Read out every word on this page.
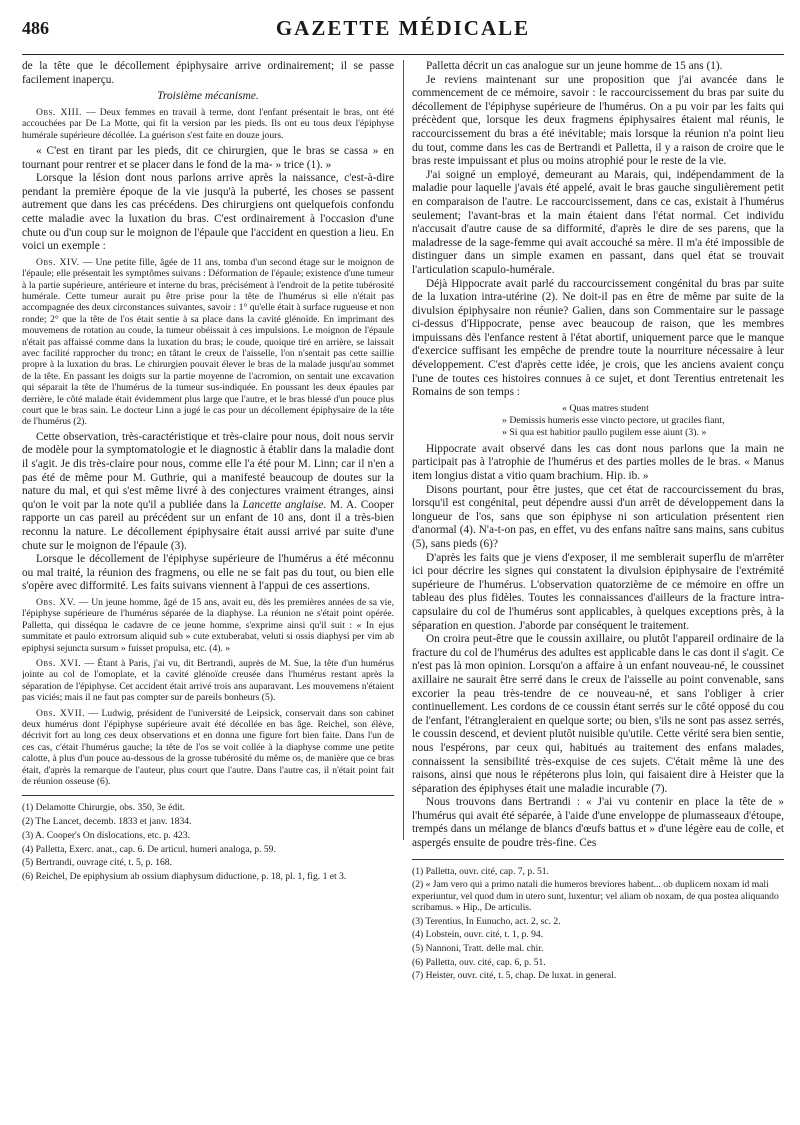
486	GAZETTE MÉDICALE

de la tête que le décollement épiphysaire arrive ordinairement; il se passe facilement inaperçu.

Troisième mécanisme.

Obs. XIII. — Deux femmes en travail à terme, dont l'enfant présentait le bras, ont été accouchées par De La Motte, qui fit la version par les pieds. Ils ont eu tous deux l'épiphyse humérale supérieure décollée. La guérison s'est faite en douze jours.

« C'est en tirant par les pieds, dit ce chirurgien, que le bras se cassa » en tournant pour rentrer et se placer dans le fond de la ma- » trice (1). »

Lorsque la lésion dont nous parlons arrive après la naissance, c'est-à-dire pendant la première époque de la vie jusqu'à la puberté, les choses se passent autrement que dans les cas précédens. Des chirurgiens ont quelquefois confondu cette maladie avec la luxation du bras. C'est ordinairement à l'occasion d'une chute ou d'un coup sur le moignon de l'épaule que l'accident en question a lieu. En voici un exemple :

Obs. XIV. — Une petite fille, âgée de 11 ans, tomba d'un second étage sur le moignon de l'épaule; elle présentait les symptômes suivans : Déformation de l'épaule; existence d'une tumeur à la partie supérieure, antérieure et interne du bras, précisément à l'endroit de la petite tubérosité humérale. Cette tumeur aurait pu être prise pour la tête de l'humérus si elle n'était pas accompagnée des deux circonstances suivantes, savoir : 1° qu'elle était à surface rugueuse et non ronde; 2° que la tête de l'os était sentie à sa place dans la cavité glénoïde. En imprimant des mouvemens de rotation au coude, la tumeur obéissait à ces impulsions. Le moignon de l'épaule n'était pas affaissé comme dans la luxation du bras; le coude, quoique tiré en arrière, se laissait avec facilité rapprocher du tronc; en tâtant le creux de l'aisselle, l'on n'sentait pas cette saillie propre à la luxation du bras. Le chirurgien pouvait élever le bras de la malade jusqu'au sommet de la tête. En passant les doigts sur la partie moyenne de l'acromion, on sentait une excavation qui séparait la tête de l'humérus de la tumeur sus-indiquée. En poussant les deux épaules par derrière, le côté malade était évidemment plus large que l'autre, et le bras blessé d'un pouce plus court que le bras sain. Le docteur Linn a jugé le cas pour un décollement épiphysaire de la tête de l'humérus (2).

Cette observation, très-caractéristique et très-claire pour nous, doit nous servir de modèle pour la symptomatologie et le diagnostic à établir dans la maladie dont il s'agit. Je dis très-claire pour nous, comme elle l'a été pour M. Linn; car il n'en a pas été de même pour M. Guthrie, qui a manifesté beaucoup de doutes sur la nature du mal, et qui s'est même livré à des conjectures vraiment étranges, ainsi qu'on le voit par la note qu'il a publiée dans la Lancette anglaise. M. A. Cooper rapporte un cas pareil au précédent sur un enfant de 10 ans, dont il a très-bien reconnu la nature. Le décollement épiphysaire était aussi arrivé par suite d'une chute sur le moignon de l'épaule (3).

Lorsque le décollement de l'épiphyse supérieure de l'humérus a été méconnu ou mal traité, la réunion des fragmens, ou elle ne se fait pas du tout, ou bien elle s'opère avec difformité. Les faits suivans viennent à l'appui de ces assertions.

Obs. XV. — Un jeune homme, âgé de 15 ans, avait eu, dès les premières années de sa vie, l'épiphyse supérieure de l'humérus séparée de la diaphyse. La réunion ne s'était point opérée. Palletta, qui disséqua le cadavre de ce jeune homme, s'exprime ainsi qu'il suit : « In ejus summitate et paulo extrorsum aliquid sub » cute extuberabat, veluti si ossis diaphysi per vim ab epiphysi sejuncta sursum » fuisset propulsa, etc. (4). »

Obs. XVI. — Étant à Paris, j'ai vu, dit Bertrandi, auprès de M. Sue, la tête d'un humérus jointe au col de l'omoplate, et la cavité glénoïde creusée dans l'humérus restant après la séparation de l'épiphyse. Cet accident était arrivé trois ans auparavant. Les mouvemens n'étaient pas viciés; mais il ne faut pas compter sur de pareils bonheurs (5).

Obs. XVII. — Ludwig, président de l'université de Leipsick, conservait dans son cabinet deux humérus dont l'épiphyse supérieure avait été décollée en bas âge. Reichel, son élève, décrivit fort au long ces deux observations et en donna une figure fort bien faite. Dans l'un de ces cas, c'était l'humérus gauche; la tête de l'os se voit collée à la diaphyse comme une petite calotte, à plus d'un pouce au-dessous de la grosse tubérosité du même os, de manière que ce bras était, d'après la remarque de l'auteur, plus court que l'autre. Dans l'autre cas, il n'était point fait de réunion osseuse (6).

(1) Delamotte Chirurgie, obs. 350, 3e édit.
(2) The Lancet, decemb. 1833 et janv. 1834.
(3) A. Cooper's On dislocations, etc. p. 423.
(4) Palletta, Exerc. anat., cap. 6. De articul. humeri analoga, p. 59.
(5) Bertrandi, ouvrage cité, t. 5, p. 168.
(6) Reichel, De epiphysium ab ossium diaphysum diductione, p. 18, pl. 1, fig. 1 et 3.

Palletta décrit un cas analogue sur un jeune homme de 15 ans (1).

Je reviens maintenant sur une proposition que j'ai avancée dans le commencement de ce mémoire, savoir : le raccourcissement du bras par suite du décollement de l'épiphyse supérieure de l'humérus. On a pu voir par les faits qui précèdent que, lorsque les deux fragmens épiphysaires étaient mal réunis, le raccourcissement du bras a été inévitable; mais lorsque la réunion n'a point lieu du tout, comme dans les cas de Bertrandi et Palletta, il y a raison de croire que le bras reste impuissant et plus ou moins atrophié pour le reste de la vie.

J'ai soigné un employé, demeurant au Marais, qui, indépendamment de la maladie pour laquelle j'avais été appelé, avait le bras gauche singulièrement petit en comparaison de l'autre. Le raccourcissement, dans ce cas, existait à l'humérus seulement; l'avant-bras et la main étaient dans l'état normal. Cet individu n'accusait d'autre cause de sa difformité, d'après le dire de ses parens, que la maladresse de la sage-femme qui avait accouché sa mère. Il m'a été impossible de distinguer dans un simple examen en passant, dans quel état se trouvait l'articulation scapulo-humérale.

Déjà Hippocrate avait parlé du raccourcissement congénital du bras par suite de la luxation intra-utérine (2). Ne doit-il pas en être de même par suite de la divulsion épiphysaire non réunie? Galien, dans son Commentaire sur le passage ci-dessus d'Hippocrate, pense avec beaucoup de raison, que les membres impuissans dès l'enfance restent à l'état abortif, uniquement parce que le manque d'exercice suffisant les empêche de prendre toute la nourriture nécessaire à leur développement. C'est d'après cette idée, je crois, que les anciens avaient conçu l'une de toutes ces histoires connues à ce sujet, et dont Terentius entretenait les Romains de son temps :

« Quas matres student
» Demissis humeris esse vincto pectore, ut graciles fiant,
» Si qua est habitior paullo pugilem esse aiunt (3). »

Hippocrate avait observé dans les cas dont nous parlons que la main ne participait pas à l'atrophie de l'humérus et des parties molles de le bras. « Manus item longius distat a vitio quam brachium. Hip. ib. »

Disons pourtant, pour être justes, que cet état de raccourcissement du bras, lorsqu'il est congénital, peut dépendre aussi d'un arrêt de développement dans la longueur de l'os, sans que son épiphyse ni son articulation présentent rien d'anormal (4). N'a-t-on pas, en effet, vu des enfans naître sans mains, sans cubitus (5), sans pieds (6)?

D'après les faits que je viens d'exposer, il me semblerait superflu de m'arrêter ici pour décrire les signes qui constatent la divulsion épiphysaire de l'extrémité supérieure de l'humérus. L'observation quatorzième de ce mémoire en offre un tableau des plus fidèles. Toutes les connaissances d'ailleurs de la fracture intra-capsulaire du col de l'humérus sont applicables, à quelques exceptions près, à la séparation en question. J'aborde par conséquent le traitement.

On croira peut-être que le coussin axillaire, ou plutôt l'appareil ordinaire de la fracture du col de l'humérus des adultes est applicable dans le cas dont il s'agit. Ce n'est pas là mon opinion. Lorsqu'on a affaire à un enfant nouveau-né, le coussinet axillaire ne saurait être serré dans le creux de l'aisselle au point convenable, sans excorier la peau très-tendre de ce nouveau-né, et sans l'obliger à crier continuellement. Les cordons de ce coussin étant serrés sur le côté opposé du cou de l'enfant, l'étrangleraient en quelque sorte; ou bien, s'ils ne sont pas assez serrés, le coussin descend, et devient plutôt nuisible qu'utile. Cette vérité sera bien sentie, nous l'espérons, par ceux qui, habitués au traitement des enfans malades, connaissent la sensibilité très-exquise de ces sujets. C'était même là une des raisons, ainsi que nous le répéterons plus loin, qui faisaient dire à Heister que la séparation des épiphyses était une maladie incurable (7).

Nous trouvons dans Bertrandi : « J'ai vu contenir en place la tête de » l'humérus qui avait été séparée, à l'aide d'une enveloppe de plumasseaux d'étoupe, trempés dans un mélange de blancs d'œufs battus et » d'une légère eau de colle, et aspergés ensuite de poudre très-fine. Ces

(1) Palletta, ouvr. cité, cap. 7, p. 51.
(2) « Jam vero qui a primo natali die humeros breviores habent... ob duplicem noxam id mali experiuntur, vel quod dum in utero sunt, luxentur; vel aliam ob noxam, de qua postea aliquando scribamus. » Hip., De articulis.
(3) Terentius, In Eunucho, act. 2, sc. 2.
(4) Lobstein, ouvr. cité, t. 1, p. 94.
(5) Nannoni, Tratt. delle mal. chir.
(6) Palletta, ouv. cité, cap. 6, p. 51.
(7) Heister, ouvr. cité, t. 5, chap. De luxat. in general.
